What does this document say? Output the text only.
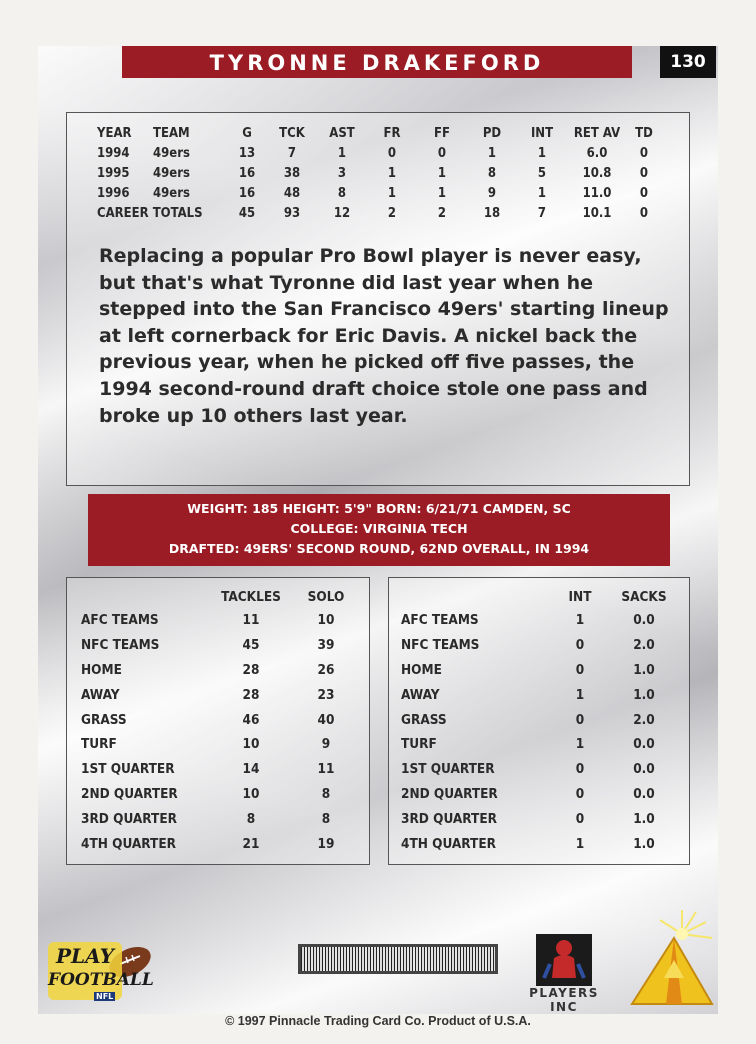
TYRONNE DRAKEFORD	130
YEAR	TEAM	G	TCK	AST	FR	FF	PD	INT	RET AV	TD
1994	49ers	13	7	1	0	0	1	1	6.0	0
1995	49ers	16	38	3	1	1	8	5	10.8	0
1996	49ers	16	48	8	1	1	9	1	11.0	0
CAREER TOTALS		45	93	12	2	2	18	7	10.1	0

Replacing a popular Pro Bowl player is never easy, but that's what Tyronne did last year when he stepped into the San Francisco 49ers' starting lineup at left cornerback for Eric Davis. A nickel back the previous year, when he picked off five passes, the 1994 second-round draft choice stole one pass and broke up 10 others last year.

WEIGHT: 185 HEIGHT: 5'9" BORN: 6/21/71 CAMDEN, SC
COLLEGE: VIRGINIA TECH
DRAFTED: 49ERS' SECOND ROUND, 62ND OVERALL, IN 1994
	TACKLES	SOLO
AFC TEAMS	11	10
NFC TEAMS	45	39
HOME	28	26
AWAY	28	23
GRASS	46	40
TURF	10	9
1ST QUARTER	14	11
2ND QUARTER	10	8
3RD QUARTER	8	8
4TH QUARTER	21	19
	INT	SACKS
AFC TEAMS	1	0.0
NFC TEAMS	0	2.0
HOME	0	1.0
AWAY	1	1.0
GRASS	0	2.0
TURF	1	0.0
1ST QUARTER	0	0.0
2ND QUARTER	0	0.0
3RD QUARTER	0	1.0
4TH QUARTER	1	1.0
PLAY
FOOTBALL
NFL	PLAYERS INC
© 1997 Pinnacle Trading Card Co. Product of U.S.A.
